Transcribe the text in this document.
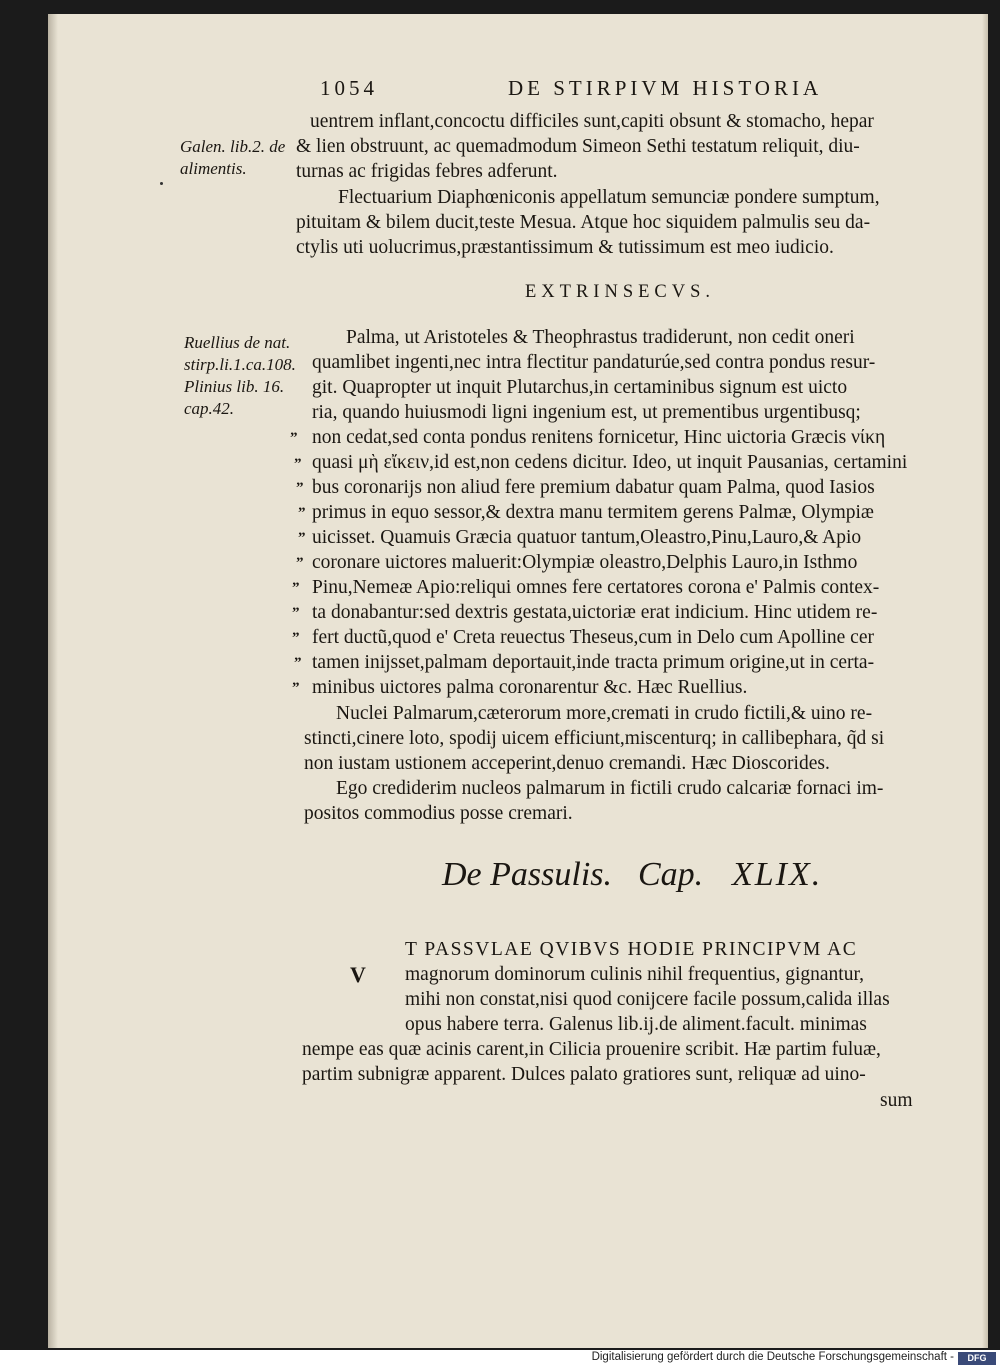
1054	DE STIRPIVM HISTORIA
Galen. lib.2. de
alimentis.
Ruellius de nat.
stirp.li.1.ca.108.
Plinius lib. 16.
cap.42.
uentrem inflant,concoctu difficiles sunt,capiti obsunt & stomacho, hepar
& lien obstruunt, ac quemadmodum Simeon Sethi testatum reliquit, diu-
turnas ac frigidas febres adferunt.
Flectuarium Diaphœniconis appellatum semunciæ pondere sumptum,
pituitam & bilem ducit,teste Mesua. Atque hoc siquidem palmulis seu da-
ctylis uti uolucrimus,præstantissimum & tutissimum est meo iudicio.
EXTRINSECVS.
Palma, ut Aristoteles & Theophrastus tradiderunt, non cedit oneri
quamlibet ingenti,nec intra flectitur pandaturúe,sed contra pondus resur-
git. Quapropter ut inquit Plutarchus,in certaminibus signum est uicto
ria, quando huiusmodi ligni ingenium est, ut prementibus urgentibusq;
non cedat,sed conta pondus renitens fornicetur, Hinc uictoria Græcis νίκη
quasi μὴ εἴκειν,id est,non cedens dicitur. Ideo, ut inquit Pausanias, certamini
bus coronarijs non aliud fere premium dabatur quam Palma, quod Iasios
primus in equo sessor,& dextra manu termitem gerens Palmæ, Olympiæ
uicisset. Quamuis Græcia quatuor tantum,Oleastro,Pinu,Lauro,& Apio
coronare uictores maluerit:Olympiæ oleastro,Delphis Lauro,in Isthmo
Pinu,Nemeæ Apio:reliqui omnes fere certatores corona e' Palmis contex-
ta donabantur:sed dextris gestata,uictoriæ erat indicium. Hinc utidem re-
fert ductũ,quod e' Creta reuectus Theseus,cum in Delo cum Apolline cer
tamen inijsset,palmam deportauit,inde tracta primum origine,ut in certa-
minibus uictores palma coronarentur &c. Hæc Ruellius.
Nuclei Palmarum,cæterorum more,cremati in crudo fictili,& uino re-
stincti,cinere loto, spodij uicem efficiunt,miscenturq; in callibephara, q̃d si
non iustam ustionem acceperint,denuo cremandi. Hæc Dioscorides.
Ego crediderim nucleos palmarum in fictili crudo calcariæ fornaci im-
positos commodius posse cremari.
”
”
”
”
”
”
”
”
”
”
”
De Passulis. Cap. XLIX.
V
T PASSVLAE QVIBVS HODIE PRINCIPVM AC
magnorum dominorum culinis nihil frequentius, gignantur,
mihi non constat,nisi quod conijcere facile possum,calida illas
opus habere terra. Galenus lib.ij.de aliment.facult. minimas
nempe eas quæ acinis carent,in Cilicia prouenire scribit. Hæ partim fuluæ,
partim subnigræ apparent. Dulces palato gratiores sunt, reliquæ ad uino-
sum
Digitalisierung gefördert durch die Deutsche Forschungsgemeinschaft -	DFG
